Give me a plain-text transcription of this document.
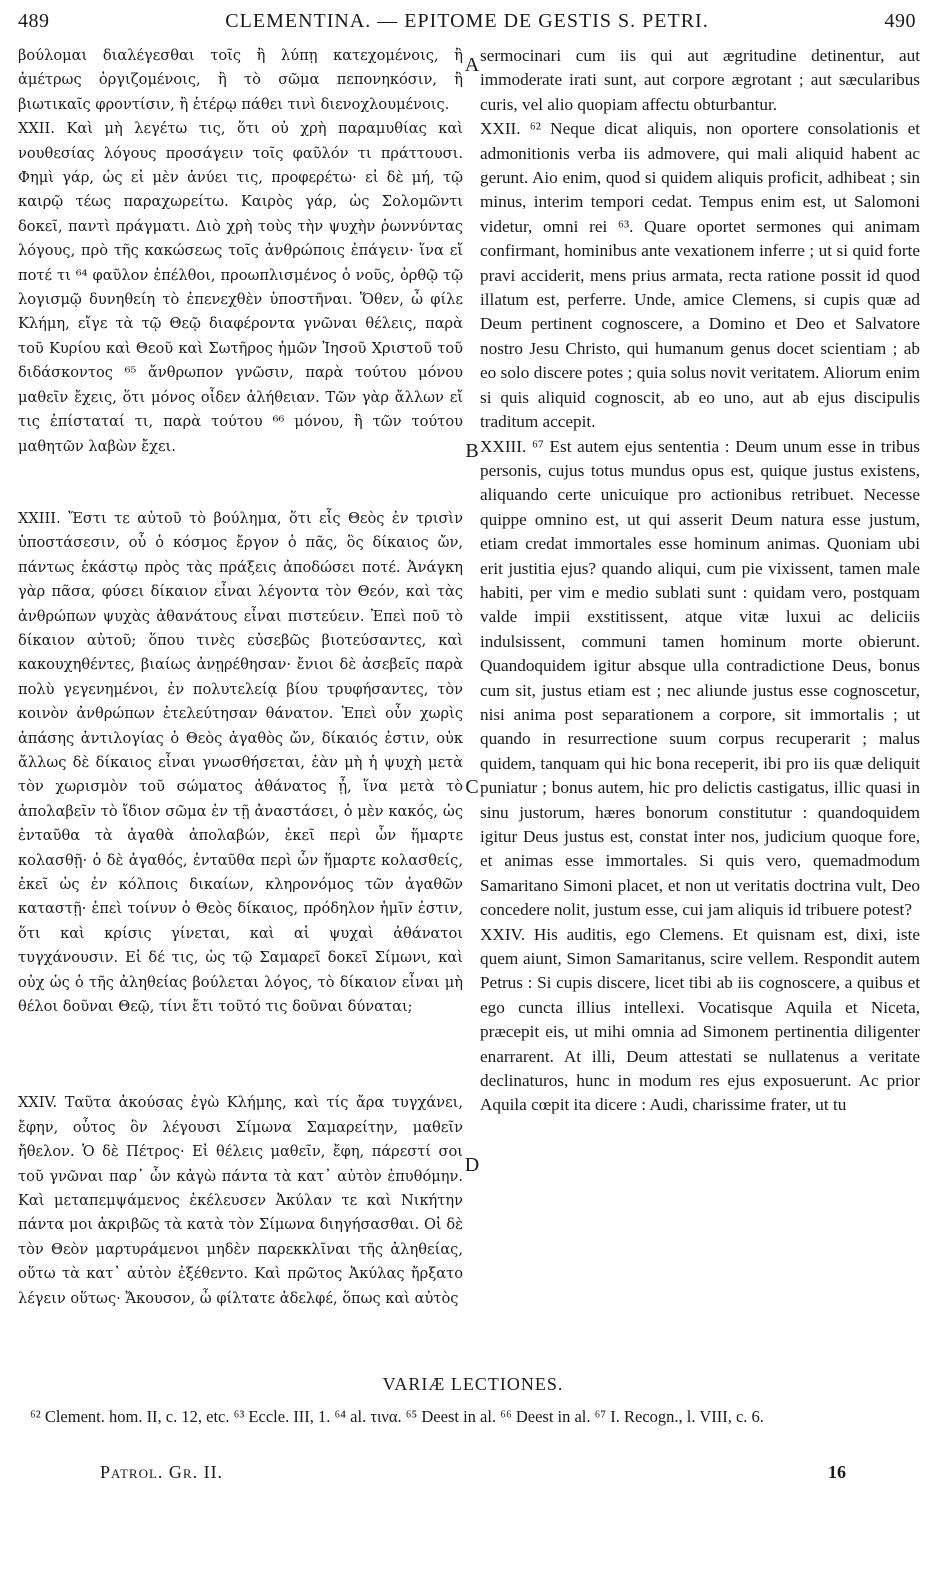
489	CLEMENTINA. — EPITOME DE GESTIS S. PETRI.	490

βούλομαι διαλέγεσθαι τοῖς ἢ λύπῃ κατεχομένοις, ἢ ἀμέτρως ὀργιζομένοις, ἢ τὸ σῶμα πεπονηκόσιν, ἢ βιωτικαῖς φροντίσιν, ἢ ἑτέρῳ πάθει τινὶ διενοχλουμένοις.

XXII. Καὶ μὴ λεγέτω τις, ὅτι οὐ χρὴ παραμυθίας καὶ νουθεσίας λόγους προσάγειν τοῖς φαῦλόν τι πράττουσι. Φημὶ γάρ, ὡς εἰ μὲν ἀνύει τις, προφερέτω· εἰ δὲ μή, τῷ καιρῷ τέως παραχωρείτω. Καιρὸς γάρ, ὡς Σολομῶντι δοκεῖ, παντὶ πράγματι. Διὸ χρὴ τοὺς τὴν ψυχὴν ῥωννύντας λόγους, πρὸ τῆς κακώσεως τοῖς ἀνθρώποις ἐπάγειν· ἵνα εἴ ποτέ τι ⁶⁴ φαῦλον ἐπέλθοι, προωπλισμένος ὁ νοῦς, ὀρθῷ τῷ λογισμῷ δυνηθείη τὸ ἐπενεχθὲν ὑποστῆναι. Ὅθεν, ὦ φίλε Κλήμη, εἴγε τὰ τῷ Θεῷ διαφέροντα γνῶναι θέλεις, παρὰ τοῦ Κυρίου καὶ Θεοῦ καὶ Σωτῆρος ἡμῶν Ἰησοῦ Χριστοῦ τοῦ διδάσκοντος ⁶⁵ ἄνθρωπον γνῶσιν, παρὰ τούτου μόνου μαθεῖν ἔχεις, ὅτι μόνος οἶδεν ἀλήθειαν. Τῶν γὰρ ἄλλων εἴ τις ἐπίσταταί τι, παρὰ τούτου ⁶⁶ μόνου, ἢ τῶν τούτου μαθητῶν λαβὼν ἔχει.

XXIII. Ἔστι τε αὐτοῦ τὸ βούλημα, ὅτι εἷς Θεὸς ἐν τρισὶν ὑποστάσεσιν, οὗ ὁ κόσμος ἔργον ὁ πᾶς, ὃς δίκαιος ὤν, πάντως ἑκάστῳ πρὸς τὰς πράξεις ἀποδώσει ποτέ. Ἀνάγκη γὰρ πᾶσα, φύσει δίκαιον εἶναι λέγοντα τὸν Θεόν, καὶ τὰς ἀνθρώπων ψυχὰς ἀθανάτους εἶναι πιστεύειν. Ἐπεὶ ποῦ τὸ δίκαιον αὐτοῦ; ὅπου τινὲς εὐσεβῶς βιοτεύσαντες, καὶ κακουχηθέντες, βιαίως ἀνῃρέθησαν· ἔνιοι δὲ ἀσεβεῖς παρὰ πολὺ γεγενημένοι, ἐν πολυτελείᾳ βίου τρυφήσαντες, τὸν κοινὸν ἀνθρώπων ἐτελεύτησαν θάνατον. Ἐπεὶ οὖν χωρὶς ἁπάσης ἀντιλογίας ὁ Θεὸς ἀγαθὸς ὤν, δίκαιός ἐστιν, οὐκ ἄλλως δὲ δίκαιος εἶναι γνωσθήσεται, ἐὰν μὴ ἡ ψυχὴ μετὰ τὸν χωρισμὸν τοῦ σώματος ἀθάνατος ᾖ, ἵνα μετὰ τὸ ἀπολαβεῖν τὸ ἴδιον σῶμα ἐν τῇ ἀναστάσει, ὁ μὲν κακός, ὡς ἐνταῦθα τὰ ἀγαθὰ ἀπολαβών, ἐκεῖ περὶ ὧν ἥμαρτε κολασθῇ· ὁ δὲ ἀγαθός, ἐνταῦθα περὶ ὧν ἥμαρτε κολασθείς, ἐκεῖ ὡς ἐν κόλποις δικαίων, κληρονόμος τῶν ἀγαθῶν καταστῇ· ἐπεὶ τοίνυν ὁ Θεὸς δίκαιος, πρόδηλον ἡμῖν ἐστιν, ὅτι καὶ κρίσις γίνεται, καὶ αἱ ψυχαὶ ἀθάνατοι τυγχάνουσιν. Εἰ δέ τις, ὡς τῷ Σαμαρεῖ δοκεῖ Σίμωνι, καὶ οὐχ ὡς ὁ τῆς ἀληθείας βούλεται λόγος, τὸ δίκαιον εἶναι μὴ θέλοι δοῦναι Θεῷ, τίνι ἔτι τοῦτό τις δοῦναι δύναται;

XXIV. Ταῦτα ἀκούσας ἐγὼ Κλήμης, καὶ τίς ἄρα τυγχάνει, ἔφην, οὗτος ὃν λέγουσι Σίμωνα Σαμαρείτην, μαθεῖν ἤθελον. Ὁ δὲ Πέτρος· Εἰ θέλεις μαθεῖν, ἔφη, πάρεστί σοι τοῦ γνῶναι παρ᾿ ὧν κἀγὼ πάντα τὰ κατ᾿ αὐτὸν ἐπυθόμην. Καὶ μεταπεμψάμενος ἐκέλευσεν Ἀκύλαν τε καὶ Νικήτην πάντα μοι ἀκριβῶς τὰ κατὰ τὸν Σίμωνα διηγήσασθαι. Οἱ δὲ τὸν Θεὸν μαρτυράμενοι μηδὲν παρεκκλῖναι τῆς ἀληθείας, οὕτω τὰ κατ᾿ αὐτὸν ἐξέθεντο. Καὶ πρῶτος Ἀκύλας ἤρξατο λέγειν οὕτως· Ἄκουσον, ὦ φίλτατε ἀδελφέ, ὅπως καὶ αὐτὸς

A
B
C
D

sermocinari cum iis qui aut ægritudine detinentur, aut immoderate irati sunt, aut corpore ægrotant ; aut sæcularibus curis, vel alio quopiam affectu obturbantur.

XXII. ⁶² Neque dicat aliquis, non oportere consolationis et admonitionis verba iis admovere, qui mali aliquid habent ac gerunt. Aio enim, quod si quidem aliquis proficit, adhibeat ; sin minus, interim tempori cedat. Tempus enim est, ut Salomoni videtur, omni rei ⁶³. Quare oportet sermones qui animam confirmant, hominibus ante vexationem inferre ; ut si quid forte pravi acciderit, mens prius armata, recta ratione possit id quod illatum est, perferre. Unde, amice Clemens, si cupis quæ ad Deum pertinent cognoscere, a Domino et Deo et Salvatore nostro Jesu Christo, qui humanum genus docet scientiam ; ab eo solo discere potes ; quia solus novit veritatem. Aliorum enim si quis aliquid cognoscit, ab eo uno, aut ab ejus discipulis traditum accepit.

XXIII. ⁶⁷ Est autem ejus sententia : Deum unum esse in tribus personis, cujus totus mundus opus est, quique justus existens, aliquando certe unicuique pro actionibus retribuet. Necesse quippe omnino est, ut qui asserit Deum natura esse justum, etiam credat immortales esse hominum animas. Quoniam ubi erit justitia ejus? quando aliqui, cum pie vixissent, tamen male habiti, per vim e medio sublati sunt : quidam vero, postquam valde impii exstitissent, atque vitæ luxui ac deliciis indulsissent, communi tamen hominum morte obierunt. Quandoquidem igitur absque ulla contradictione Deus, bonus cum sit, justus etiam est ; nec aliunde justus esse cognoscetur, nisi anima post separationem a corpore, sit immortalis ; ut quando in resurrectione suum corpus recuperarit ; malus quidem, tanquam qui hic bona receperit, ibi pro iis quæ deliquit puniatur ; bonus autem, hic pro delictis castigatus, illic quasi in sinu justorum, hæres bonorum constitutur : quandoquidem igitur Deus justus est, constat inter nos, judicium quoque fore, et animas esse immortales. Si quis vero, quemadmodum Samaritano Simoni placet, et non ut veritatis doctrina vult, Deo concedere nolit, justum esse, cui jam aliquis id tribuere potest?

XXIV. His auditis, ego Clemens. Et quisnam est, dixi, iste quem aiunt, Simon Samaritanus, scire vellem. Respondit autem Petrus : Si cupis discere, licet tibi ab iis cognoscere, a quibus et ego cuncta illius intellexi. Vocatisque Aquila et Niceta, præcepit eis, ut mihi omnia ad Simonem pertinentia diligenter enarrarent. At illi, Deum attestati se nullatenus a veritate declinaturos, hunc in modum res ejus exposuerunt. Ac prior Aquila cœpit ita dicere : Audi, charissime frater, ut tu

VARIÆ LECTIONES.
⁶² Clement. hom. II, c. 12, etc. ⁶³ Eccle. III, 1. ⁶⁴ al. τινα. ⁶⁵ Deest in al. ⁶⁶ Deest in al. ⁶⁷ I. Recogn., l. VIII, c. 6.
Patrol. Gr. II.	16
